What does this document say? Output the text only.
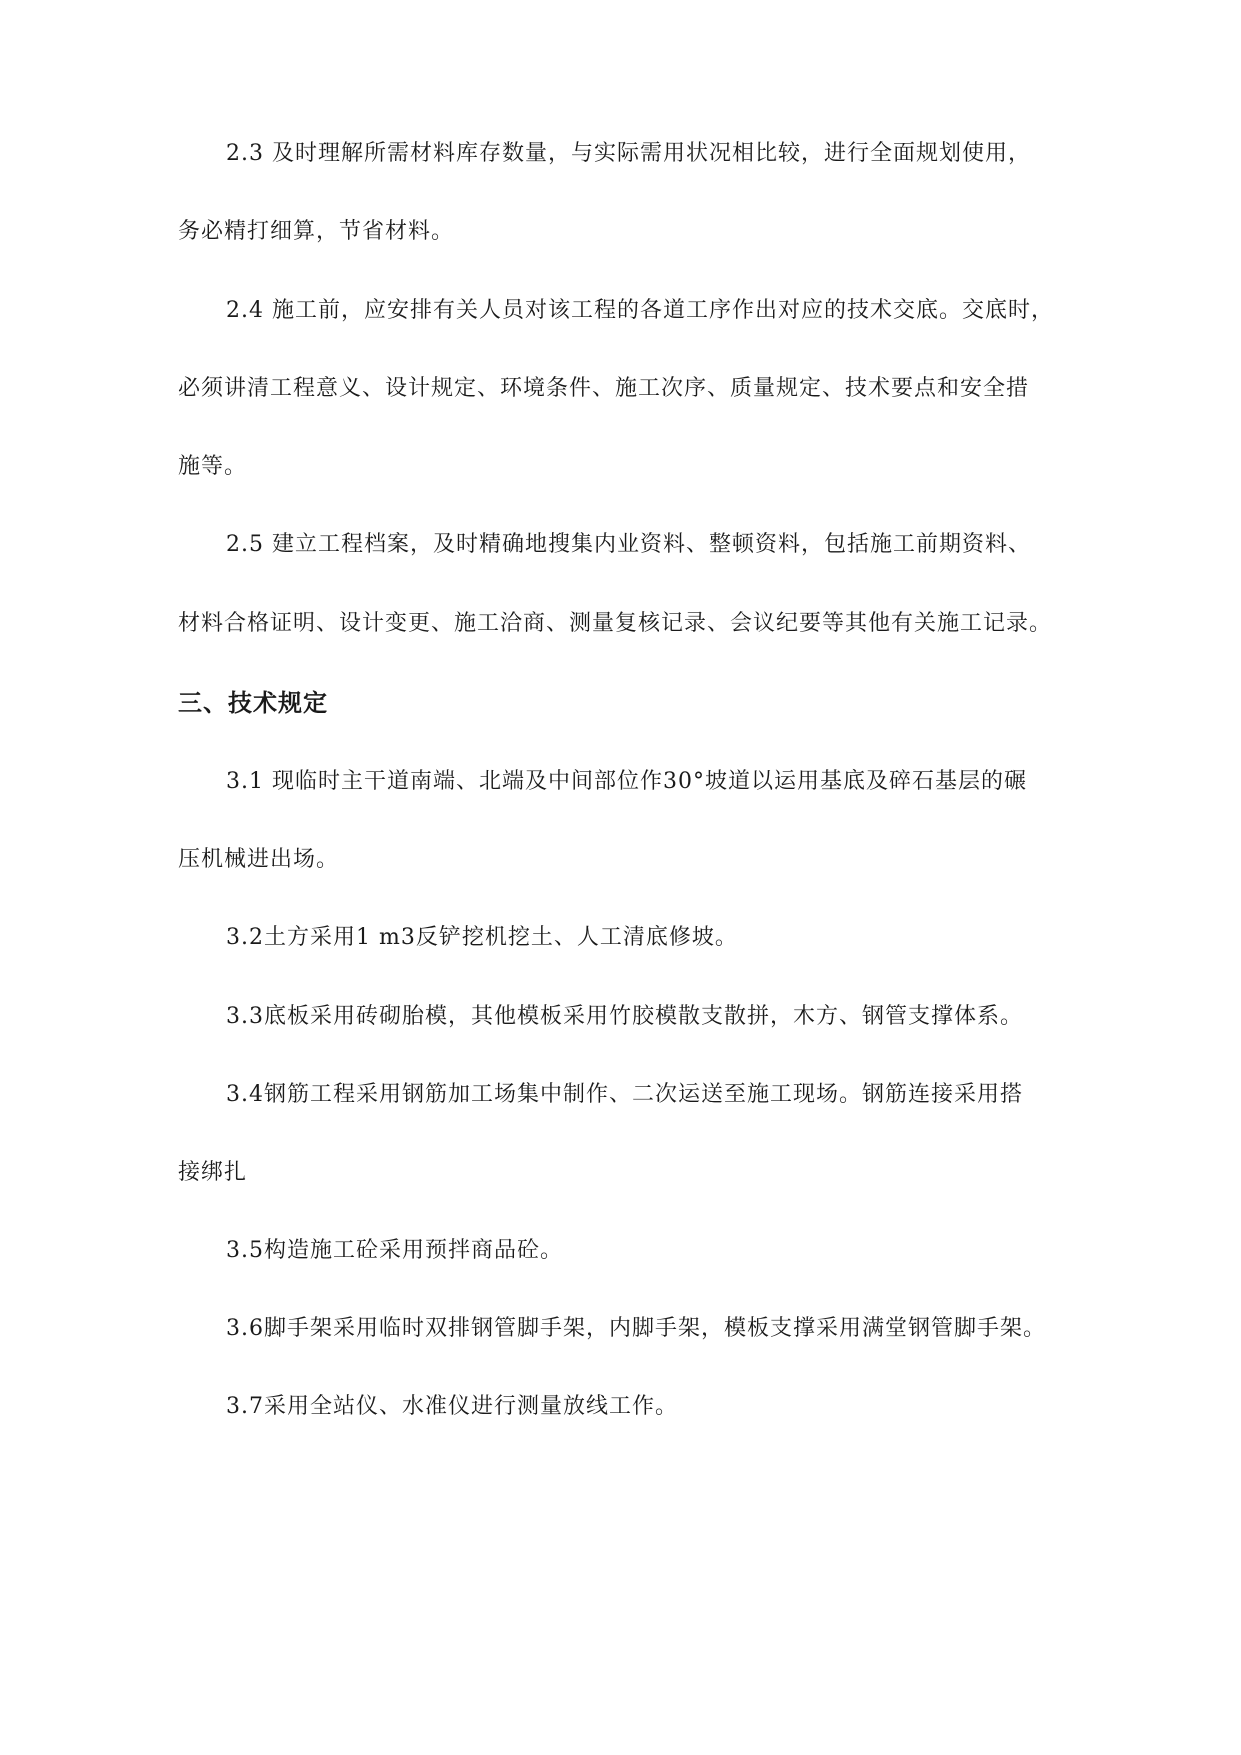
2.3 及时理解所需材料库存数量，与实际需用状况相比较，进行全面规划使用，
务必精打细算，节省材料。
2.4 施工前，应安排有关人员对该工程的各道工序作出对应的技术交底。交底时，
必须讲清工程意义、设计规定、环境条件、施工次序、质量规定、技术要点和安全措
施等。
2.5 建立工程档案，及时精确地搜集内业资料、整顿资料，包括施工前期资料、
材料合格证明、设计变更、施工洽商、测量复核记录、会议纪要等其他有关施工记录。
三、技术规定
3.1 现临时主干道南端、北端及中间部位作30°坡道以运用基底及碎石基层的碾
压机械进出场。
3.2土方采用1 m3反铲挖机挖土、人工清底修坡。
3.3底板采用砖砌胎模，其他模板采用竹胶模散支散拼，木方、钢管支撑体系。
3.4钢筋工程采用钢筋加工场集中制作、二次运送至施工现场。钢筋连接采用搭
接绑扎
3.5构造施工砼采用预拌商品砼。
3.6脚手架采用临时双排钢管脚手架，内脚手架，模板支撑采用满堂钢管脚手架。
3.7采用全站仪、水准仪进行测量放线工作。
